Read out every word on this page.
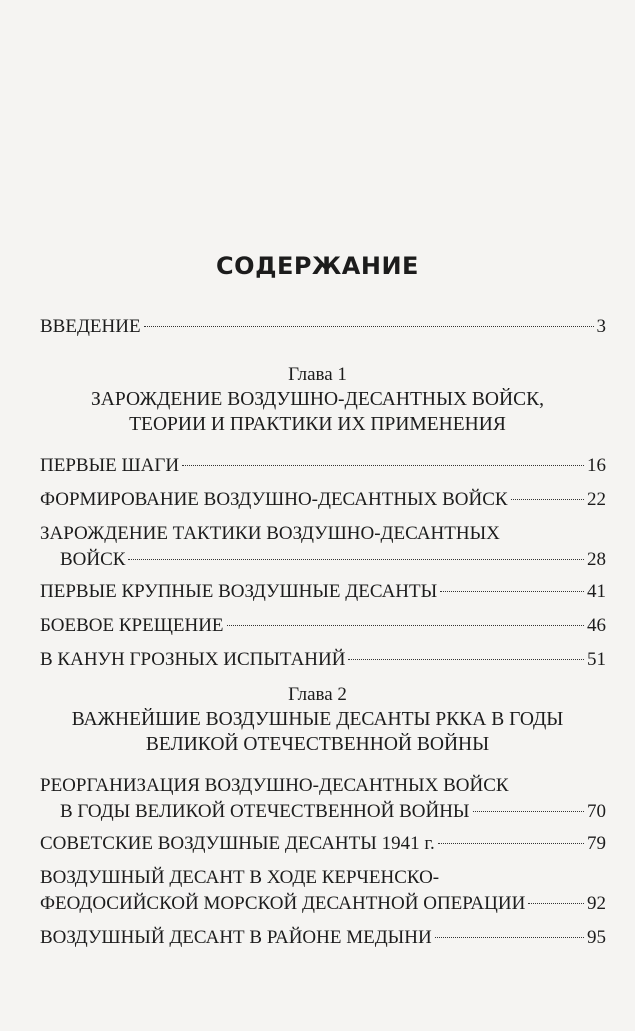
СОДЕРЖАНИЕ
ВВЕДЕНИЕ	3
Глава 1
ЗАРОЖДЕНИЕ ВОЗДУШНО-ДЕСАНТНЫХ ВОЙСК,
ТЕОРИИ И ПРАКТИКИ ИХ ПРИМЕНЕНИЯ
ПЕРВЫЕ ШАГИ	16
ФОРМИРОВАНИЕ ВОЗДУШНО-ДЕСАНТНЫХ ВОЙСК	22
ЗАРОЖДЕНИЕ ТАКТИКИ ВОЗДУШНО-ДЕСАНТНЫХ
ВОЙСК	28
ПЕРВЫЕ КРУПНЫЕ ВОЗДУШНЫЕ ДЕСАНТЫ	41
БОЕВОЕ КРЕЩЕНИЕ	46
В КАНУН ГРОЗНЫХ ИСПЫТАНИЙ	51
Глава 2
ВАЖНЕЙШИЕ ВОЗДУШНЫЕ ДЕСАНТЫ РККА В ГОДЫ
ВЕЛИКОЙ ОТЕЧЕСТВЕННОЙ ВОЙНЫ
РЕОРГАНИЗАЦИЯ ВОЗДУШНО-ДЕСАНТНЫХ ВОЙСК
В ГОДЫ ВЕЛИКОЙ ОТЕЧЕСТВЕННОЙ ВОЙНЫ	70
СОВЕТСКИЕ ВОЗДУШНЫЕ ДЕСАНТЫ 1941 г.	79
ВОЗДУШНЫЙ ДЕСАНТ В ХОДЕ КЕРЧЕНСКО-
ФЕОДОСИЙСКОЙ МОРСКОЙ ДЕСАНТНОЙ ОПЕРАЦИИ	92
ВОЗДУШНЫЙ ДЕСАНТ В РАЙОНЕ МЕДЫНИ	95
